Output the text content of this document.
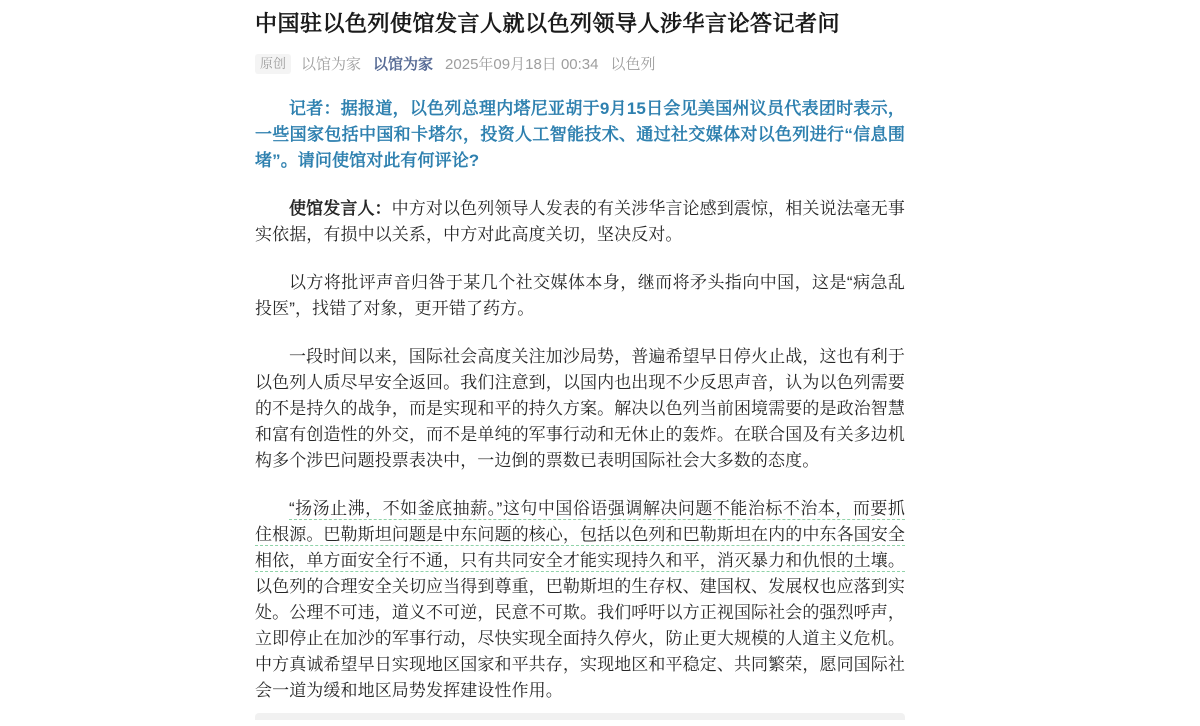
中国驻以色列使馆发言人就以色列领导人涉华言论答记者问
原创	以馆为家 以馆为家 2025年09月18日 00:34 以色列

记者：据报道，以色列总理内塔尼亚胡于9月15日会见美国州议员代表团时表示，一些国家包括中国和卡塔尔，投资人工智能技术、通过社交媒体对以色列进行“信息围堵”。请问使馆对此有何评论?

使馆发言人：中方对以色列领导人发表的有关涉华言论感到震惊，相关说法毫无事实依据，有损中以关系，中方对此高度关切，坚决反对。

以方将批评声音归咎于某几个社交媒体本身，继而将矛头指向中国，这是“病急乱投医”，找错了对象，更开错了药方。

一段时间以来，国际社会高度关注加沙局势，普遍希望早日停火止战，这也有利于以色列人质尽早安全返回。我们注意到，以国内也出现不少反思声音，认为以色列需要的不是持久的战争，而是实现和平的持久方案。解决以色列当前困境需要的是政治智慧和富有创造性的外交，而不是单纯的军事行动和无休止的轰炸。在联合国及有关多边机构多个涉巴问题投票表决中，一边倒的票数已表明国际社会大多数的态度。

“扬汤止沸，不如釜底抽薪。”这句中国俗语强调解决问题不能治标不治本，而要抓住根源。巴勒斯坦问题是中东问题的核心，包括以色列和巴勒斯坦在内的中东各国安全相依，单方面安全行不通，只有共同安全才能实现持久和平，消灭暴力和仇恨的土壤。以色列的合理安全关切应当得到尊重，巴勒斯坦的生存权、建国权、发展权也应落到实处。公理不可违，道义不可逆，民意不可欺。我们呼吁以方正视国际社会的强烈呼声，立即停止在加沙的军事行动，尽快实现全面持久停火，防止更大规模的人道主义危机。中方真诚希望早日实现地区国家和平共存，实现地区和平稳定、共同繁荣，愿同国际社会一道为缓和地区局势发挥建设性作用。
